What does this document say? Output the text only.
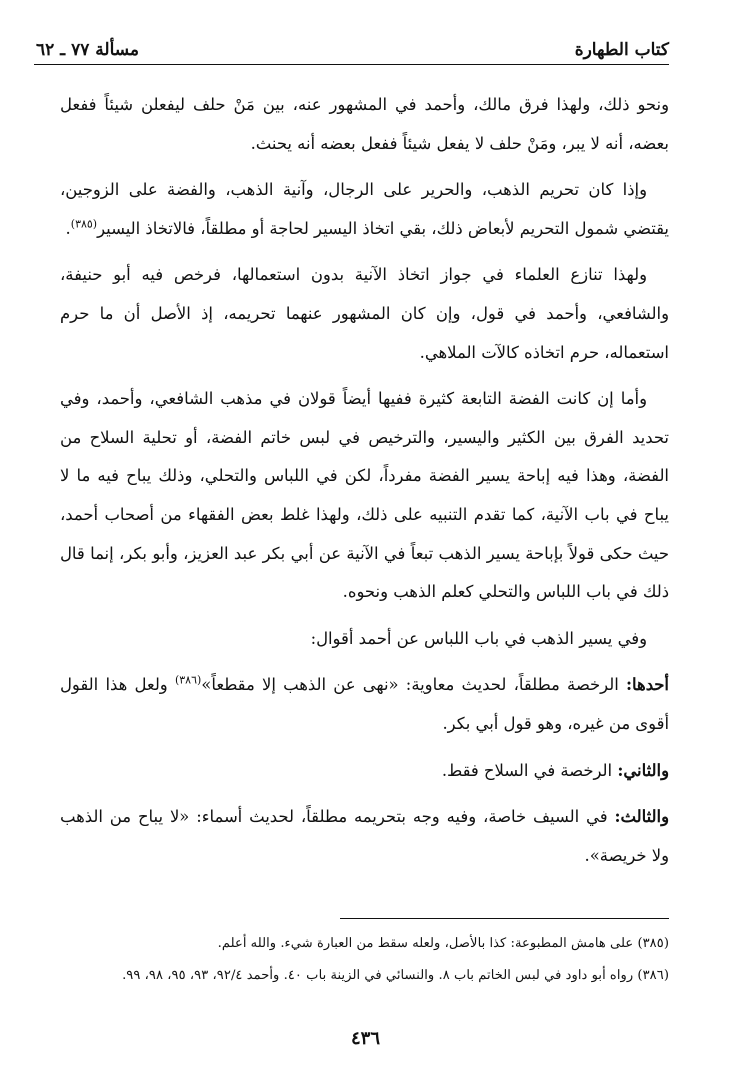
كتاب الطهارة
مسألة ٧٧ ـ ٦٢

ونحو ذلك، ولهذا فرق مالك، وأحمد في المشهور عنه، بين مَنْ حلف ليفعلن شيئاً ففعل بعضه، أنه لا يبر، ومَنْ حلف لا يفعل شيئاً ففعل بعضه أنه يحنث.

وإذا كان تحريم الذهب، والحرير على الرجال، وآنية الذهب، والفضة على الزوجين، يقتضي شمول التحريم لأبعاض ذلك، بقي اتخاذ اليسير لحاجة أو مطلقاً، فالاتخاذ اليسير$^{(٣٨٥)}$.

ولهذا تنازع العلماء في جواز اتخاذ الآنية بدون استعمالها، فرخص فيه أبو حنيفة، والشافعي، وأحمد في قول، وإن كان المشهور عنهما تحريمه، إذ الأصل أن ما حرم استعماله، حرم اتخاذه كالآت الملاهي.

وأما إن كانت الفضة التابعة كثيرة ففيها أيضاً قولان في مذهب الشافعي، وأحمد، وفي تحديد الفرق بين الكثير واليسير، والترخيص في لبس خاتم الفضة، أو تحلية السلاح من الفضة، وهذا فيه إباحة يسير الفضة مفرداً، لكن في اللباس والتحلي، وذلك يباح فيه ما لا يباح في باب الآنية، كما تقدم التنبيه على ذلك، ولهذا غلط بعض الفقهاء من أصحاب أحمد، حيث حكى قولاً بإباحة يسير الذهب تبعاً في الآنية عن أبي بكر عبد العزيز، وأبو بكر، إنما قال ذلك في باب اللباس والتحلي كعلم الذهب ونحوه.

وفي يسير الذهب في باب اللباس عن أحمد أقوال:

أحدها: الرخصة مطلقاً، لحديث معاوية: «نهى عن الذهب إلا مقطعاً»$^{(٣٨٦)}$ ولعل هذا القول أقوى من غيره، وهو قول أبي بكر.

والثاني: الرخصة في السلاح فقط.

والثالث: في السيف خاصة، وفيه وجه بتحريمه مطلقاً، لحديث أسماء: «لا يباح من الذهب ولا خريصة».

(٣٨٥) على هامش المطبوعة: كذا بالأصل، ولعله سقط من العبارة شيء. والله أعلم.

(٣٨٦) رواه أبو داود في لبس الخاتم باب ٨. والنسائي في الزينة باب ٤٠. وأحمد ٩٢/٤، ٩٣، ٩٥، ٩٨، ٩٩.

٤٣٦
